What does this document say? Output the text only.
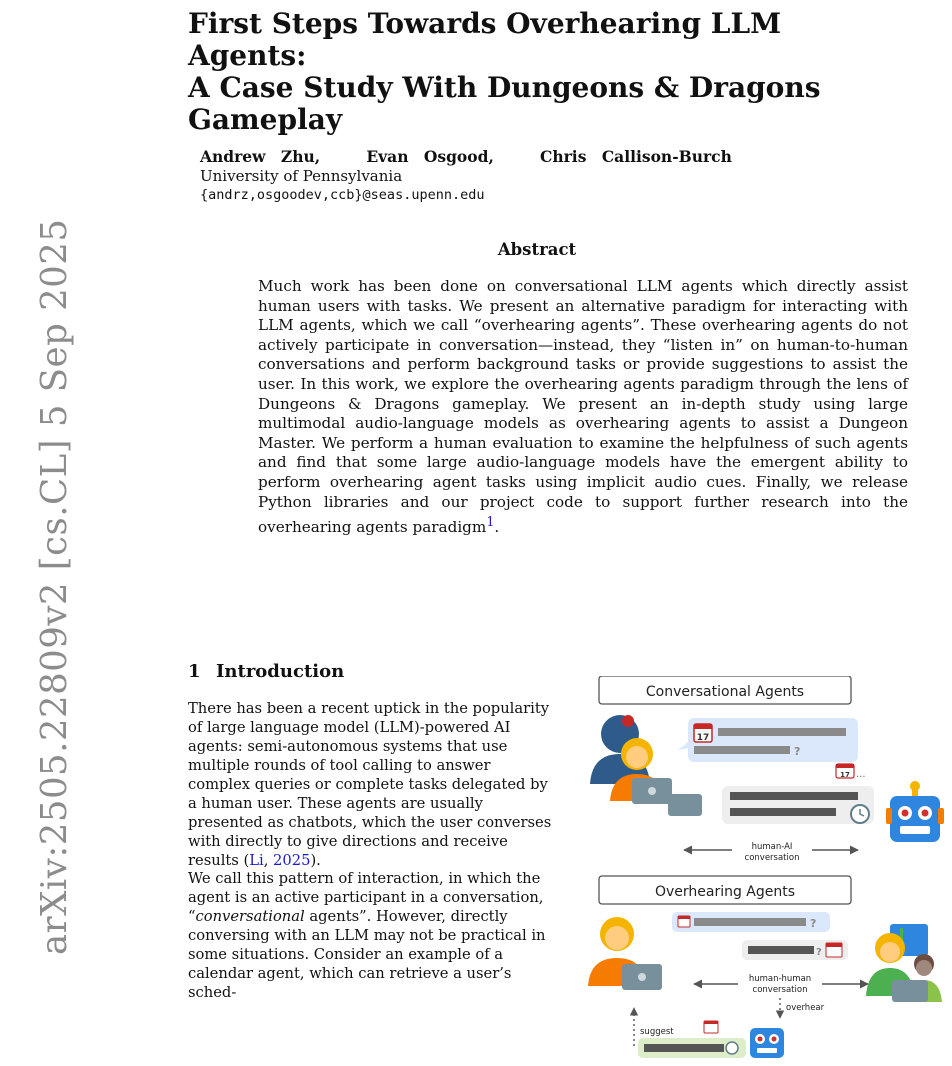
arXiv:2505.22809v2 [cs.CL] 5 Sep 2025
First Steps Towards Overhearing LLM Agents:
A Case Study With Dungeons & Dragons Gameplay
Andrew Zhu,   Evan Osgood,   Chris Callison-Burch
University of Pennsylvania
{andrz,osgoodev,ccb}@seas.upenn.edu
Abstract
Much work has been done on conversational LLM agents which directly assist human users with tasks. We present an alternative paradigm for interacting with LLM agents, which we call “overhearing agents”. These overhearing agents do not actively participate in conversation—instead, they “listen in” on human-to-human conversations and perform background tasks or provide suggestions to assist the user. In this work, we explore the overhearing agents paradigm through the lens of Dungeons & Dragons gameplay. We present an in-depth study using large multimodal audio-language models as overhearing agents to assist a Dungeon Master. We perform a human evaluation to examine the helpfulness of such agents and find that some large audio-language models have the emergent ability to perform overhearing agent tasks using implicit audio cues. Finally, we release Python libraries and our project code to support further research into the overhearing agents paradigm$^1$.
1 Introduction
There has been a recent uptick in the popularity of large language model (LLM)-powered AI agents: semi-autonomous systems that use multiple rounds of tool calling to answer complex queries or complete tasks delegated by a human user. These agents are usually presented as chatbots, which the user converses with directly to give directions and receive results (Li, 2025).
We call this pattern of interaction, in which the agent is an active participant in a conversation, “conversational agents”. However, directly conversing with an LLM may not be practical in some situations. Consider an example of a calendar agent, which can retrieve a user’s sched-
Conversational Agents
17
?
17 ...
human-AI
conversation
Overhearing Agents
?
?
human-human
conversation
overhear
suggest
